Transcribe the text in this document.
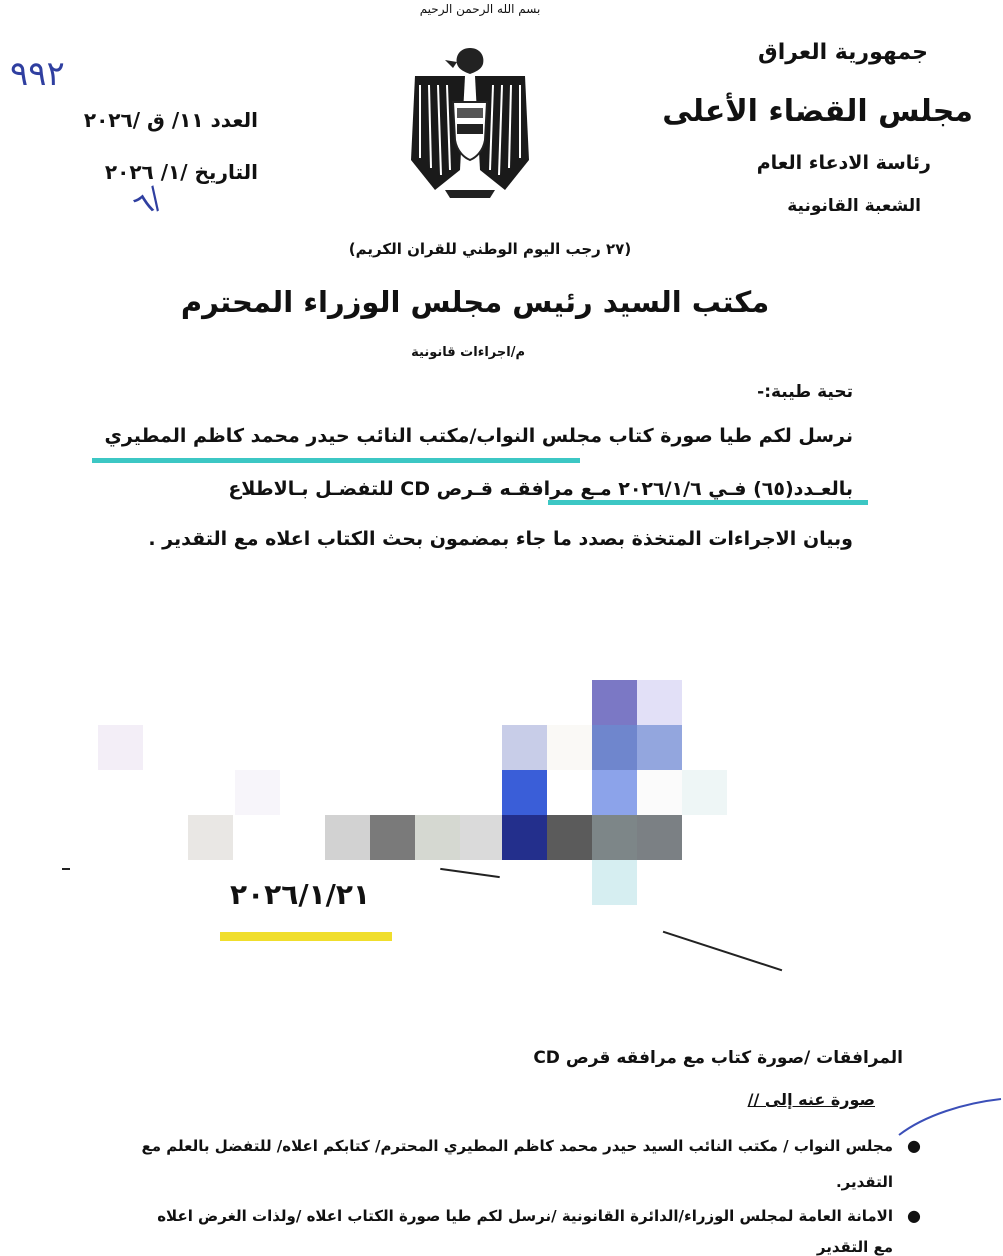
بسم الله الرحمن الرحيم
جمهورية العراق
مجلس القضاء الأعلى
رئاسة الادعاء العام
الشعبة القانونية
العدد ١١/ ق /٢٠٢٦
التاريخ /١/ ٢٠٢٦
٩٩٢
٦/
(٢٧ رجب اليوم الوطني للقران الكريم)
مكتب السيد رئيس مجلس الوزراء المحترم
م/اجراءات قانونية
تحية طيبة:-
نرسل لكم طيا صورة كتاب مجلس النواب/مكتب النائب حيدر محمد كاظم المطيري
بالعـدد(٦٥) فـي ٢٠٢٦/١/٦ مـع مرافقـه قـرص CD للتفضـل بـالاطلاع
وبيان الاجراءات المتخذة بصدد ما جاء بمضمون بحث الكتاب اعلاه مع التقدير .
٢٠٢٦/١/٢١
المرافقات /صورة كتاب مع مرافقه قرص CD
صورة عنه إلى //
●
مجلس النواب / مكتب النائب السيد حيدر محمد كاظم المطيري المحترم/ كتابكم اعلاه/ للتفضل بالعلم مع التقدير.
●
الامانة العامة لمجلس الوزراء/الدائرة القانونية /نرسل لكم طيا صورة الكتاب اعلاه /ولذات الغرض اعلاه
مع التقدير
